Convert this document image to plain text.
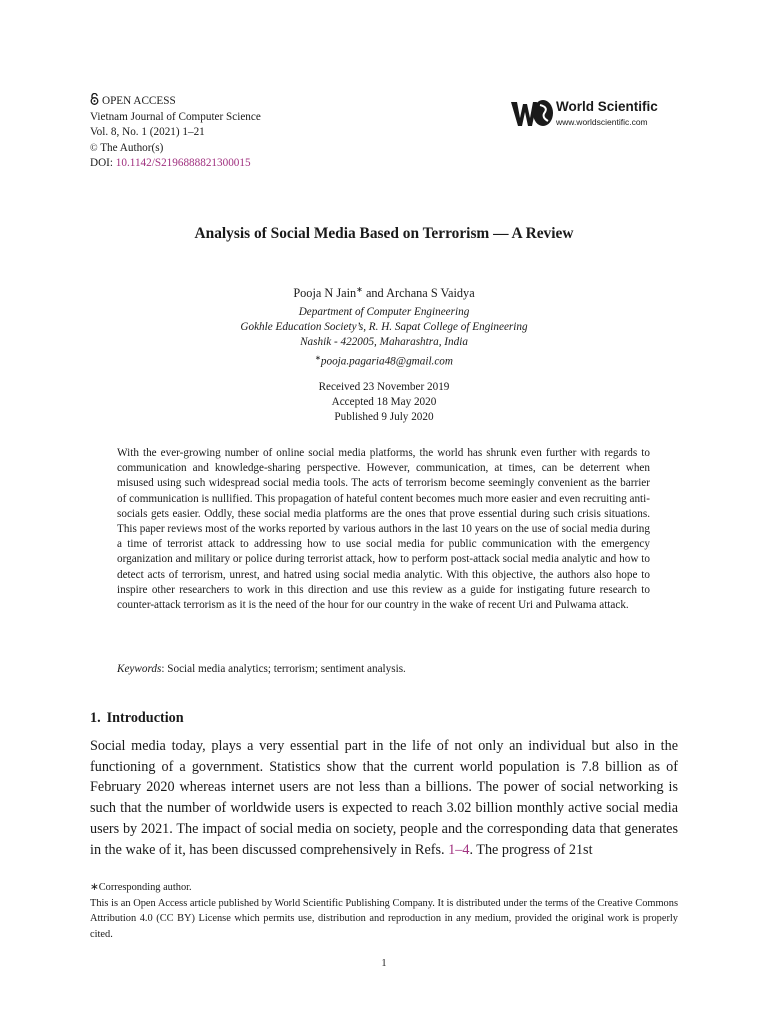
OPEN ACCESS
Vietnam Journal of Computer Science
Vol. 8, No. 1 (2021) 1–21
© The Author(s)
DOI: 10.1142/S2196888821300015
World Scientific
www.worldscientific.com
Analysis of Social Media Based on Terrorism — A Review
Pooja N Jain∗ and Archana S Vaidya
Department of Computer Engineering
Gokhle Education Society’s, R. H. Sapat College of Engineering
Nashik - 422005, Maharashtra, India
∗pooja.pagaria48@gmail.com
Received 23 November 2019
Accepted 18 May 2020
Published 9 July 2020
With the ever-growing number of online social media platforms, the world has shrunk even further with regards to communication and knowledge-sharing perspective. However, communication, at times, can be deterrent when misused using such widespread social media tools. The acts of terrorism become seemingly convenient as the barrier of communication is nullified. This propagation of hateful content becomes much more easier and even recruiting anti-socials gets easier. Oddly, these social media platforms are the ones that prove essential during such crisis situations. This paper reviews most of the works reported by various authors in the last 10 years on the use of social media during a time of terrorist attack to addressing how to use social media for public communication with the emergency organization and military or police during terrorist attack, how to perform post-attack social media analytic and how to detect acts of terrorism, unrest, and hatred using social media analytic. With this objective, the authors also hope to inspire other researchers to work in this direction and use this review as a guide for instigating future research to counter-attack terrorism as it is the need of the hour for our country in the wake of recent Uri and Pulwama attack.
Keywords: Social media analytics; terrorism; sentiment analysis.
1. Introduction
Social media today, plays a very essential part in the life of not only an individual but also in the functioning of a government. Statistics show that the current world population is 7.8 billion as of February 2020 whereas internet users are not less than a billions. The power of social networking is such that the number of worldwide users is expected to reach 3.02 billion monthly active social media users by 2021. The impact of social media on society, people and the corresponding data that generates in the wake of it, has been discussed comprehensively in Refs. 1–4. The progress of 21st
∗Corresponding author.
This is an Open Access article published by World Scientific Publishing Company. It is distributed under the terms of the Creative Commons Attribution 4.0 (CC BY) License which permits use, distribution and reproduction in any medium, provided the original work is properly cited.
1
